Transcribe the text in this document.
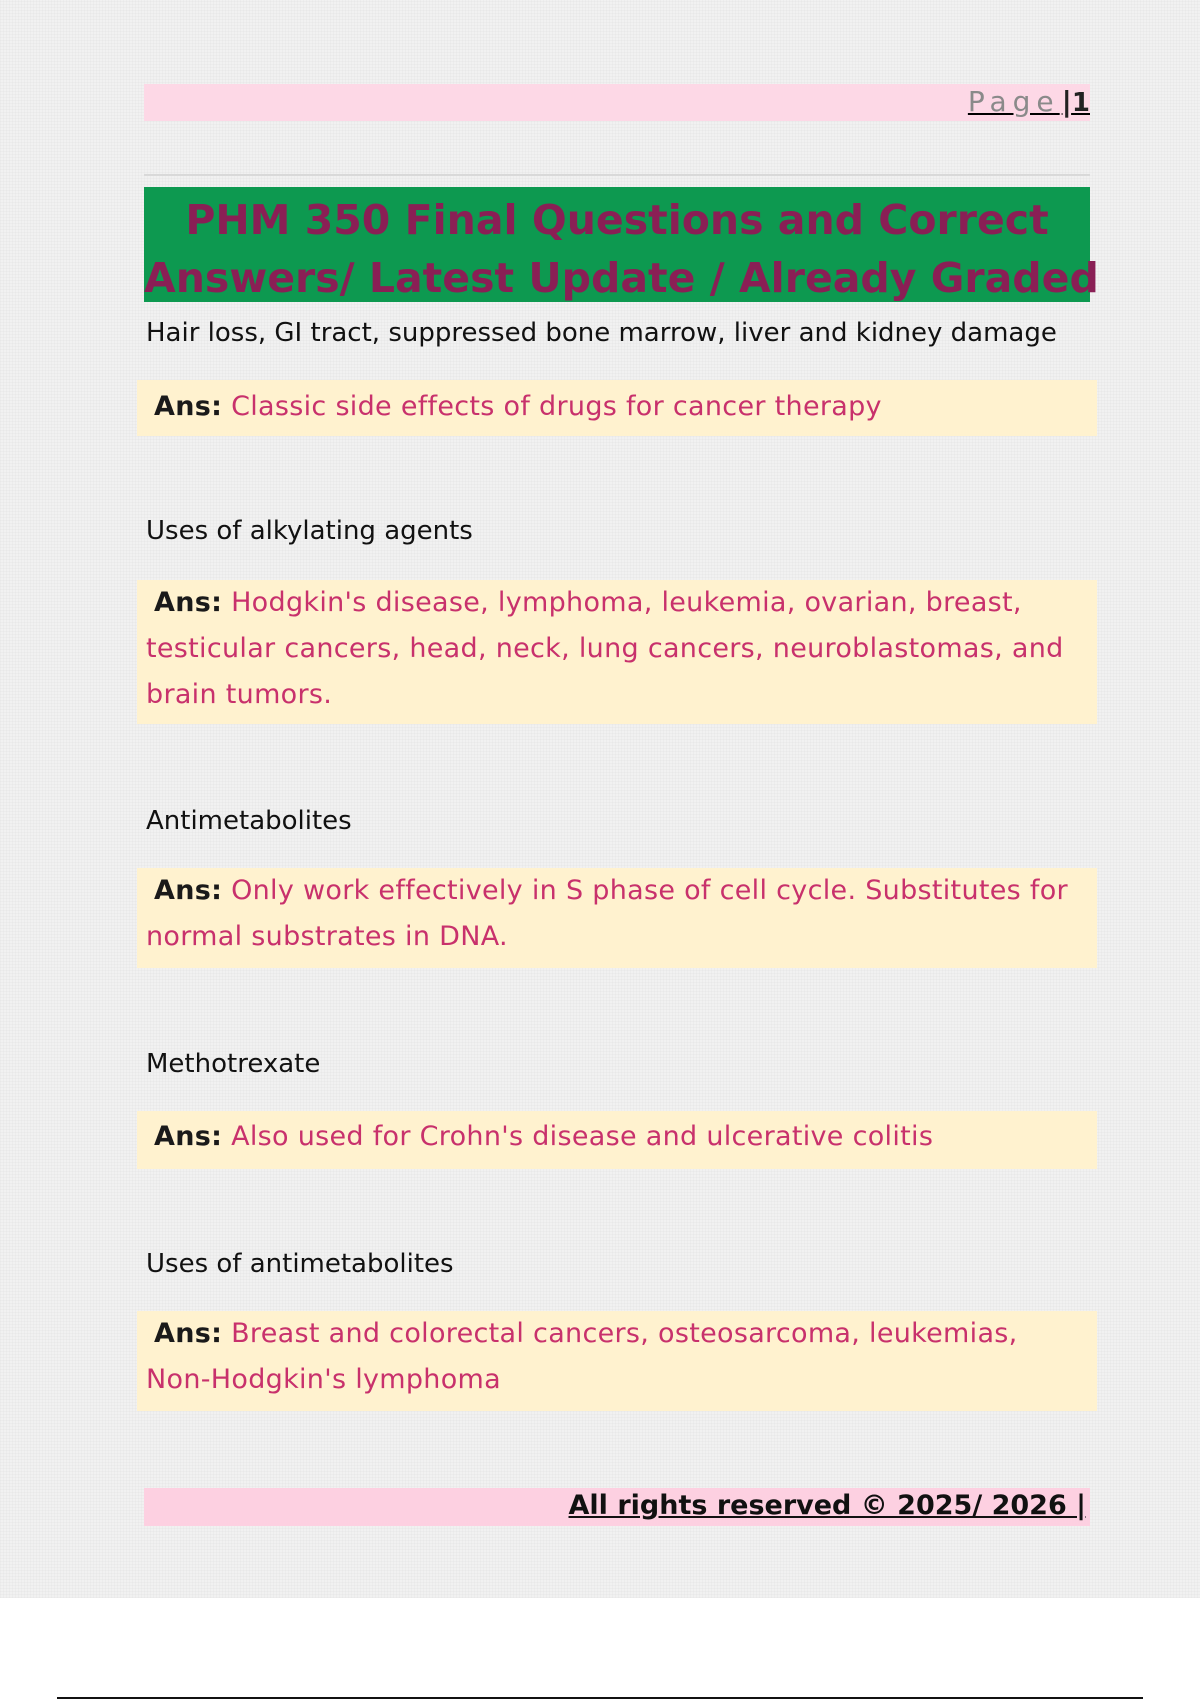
Page|1
PHM 350 Final Questions and Correct
Answers/ Latest Update / Already Graded
Hair loss, GI tract, suppressed bone marrow, liver and kidney damage
Ans: Classic side effects of drugs for cancer therapy
Uses of alkylating agents
Ans: Hodgkin's disease, lymphoma, leukemia, ovarian, breast, testicular cancers, head, neck, lung cancers, neuroblastomas, and brain tumors.
Antimetabolites
Ans: Only work effectively in S phase of cell cycle. Substitutes for normal substrates in DNA.
Methotrexate
Ans: Also used for Crohn's disease and ulcerative colitis
Uses of antimetabolites
Ans: Breast and colorectal cancers, osteosarcoma, leukemias, Non-Hodgkin's lymphoma
All rights reserved © 2025/ 2026 |
